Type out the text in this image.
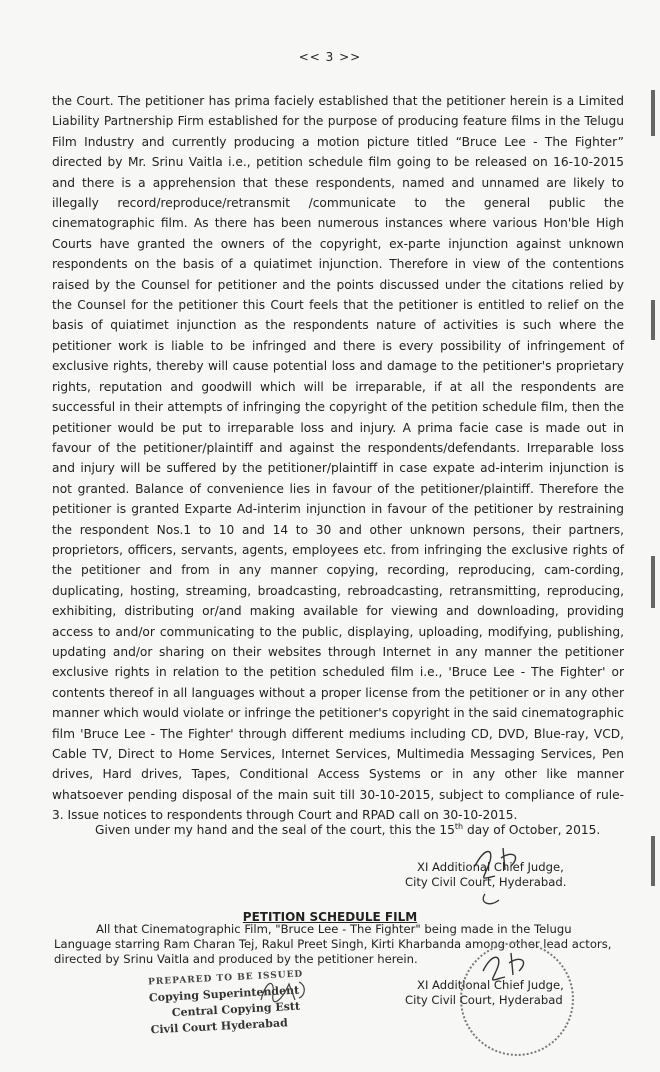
<< 3 >>

the Court. The petitioner has prima faciely established that the petitioner herein is a Limited Liability Partnership Firm established for the purpose of producing feature films in the Telugu Film Industry and currently producing a motion picture titled “Bruce Lee - The Fighter” directed by Mr. Srinu Vaitla i.e., petition schedule film going to be released on 16-10-2015 and there is a apprehension that these respondents, named and unnamed are likely to illegally record/reproduce/retransmit /communicate to the general public the cinematographic film. As there has been numerous instances where various Hon'ble High Courts have granted the owners of the copyright, ex-parte injunction against unknown respondents on the basis of a quiatimet injunction. Therefore in view of the contentions raised by the Counsel for petitioner and the points discussed under the citations relied by the Counsel for the petitioner this Court feels that the petitioner is entitled to relief on the basis of quiatimet injunction as the respondents nature of activities is such where the petitioner work is liable to be infringed and there is every possibility of infringement of exclusive rights, thereby will cause potential loss and damage to the petitioner's proprietary rights, reputation and goodwill which will be irreparable, if at all the respondents are successful in their attempts of infringing the copyright of the petition schedule film, then the petitioner would be put to irreparable loss and injury. A prima facie case is made out in favour of the petitioner/plaintiff and against the respondents/defendants. Irreparable loss and injury will be suffered by the petitioner/plaintiff in case expate ad-interim injunction is not granted. Balance of convenience lies in favour of the petitioner/plaintiff. Therefore the petitioner is granted Exparte Ad-interim injunction in favour of the petitioner by restraining the respondent Nos.1 to 10 and 14 to 30 and other unknown persons, their partners, proprietors, officers, servants, agents, employees etc. from infringing the exclusive rights of the petitioner and from in any manner copying, recording, reproducing, cam-cording, duplicating, hosting, streaming, broadcasting, rebroadcasting, retransmitting, reproducing, exhibiting, distributing or/and making available for viewing and downloading, providing access to and/or communicating to the public, displaying, uploading, modifying, publishing, updating and/or sharing on their websites through Internet in any manner the petitioner exclusive rights in relation to the petition scheduled film i.e., 'Bruce Lee - The Fighter' or contents thereof in all languages without a proper license from the petitioner or in any other manner which would violate or infringe the petitioner's copyright in the said cinematographic film 'Bruce Lee - The Fighter' through different mediums including CD, DVD, Blue-ray, VCD, Cable TV, Direct to Home Services, Internet Services, Multimedia Messaging Services, Pen drives, Hard drives, Tapes, Conditional Access Systems or in any other like manner whatsoever pending disposal of the main suit till 30-10-2015, subject to compliance of rule-3. Issue notices to respondents through Court and RPAD call on 30-10-2015.

Given under my hand and the seal of the court, this the 15th day of October, 2015.

XI Additional Chief Judge,
City Civil Court, Hyderabad.
PETITION SCHEDULE FILM

All that Cinematographic Film, "Bruce Lee - The Fighter" being made in the Telugu Language starring Ram Charan Tej, Rakul Preet Singh, Kirti Kharbanda among other lead actors, directed by Srinu Vaitla and produced by the petitioner herein.

XI Additional Chief Judge,
City Civil Court, Hyderabad
PREPARED TO BE ISSUED
Copying Superintendent
Central Copying Estt
Civil Court Hyderabad
